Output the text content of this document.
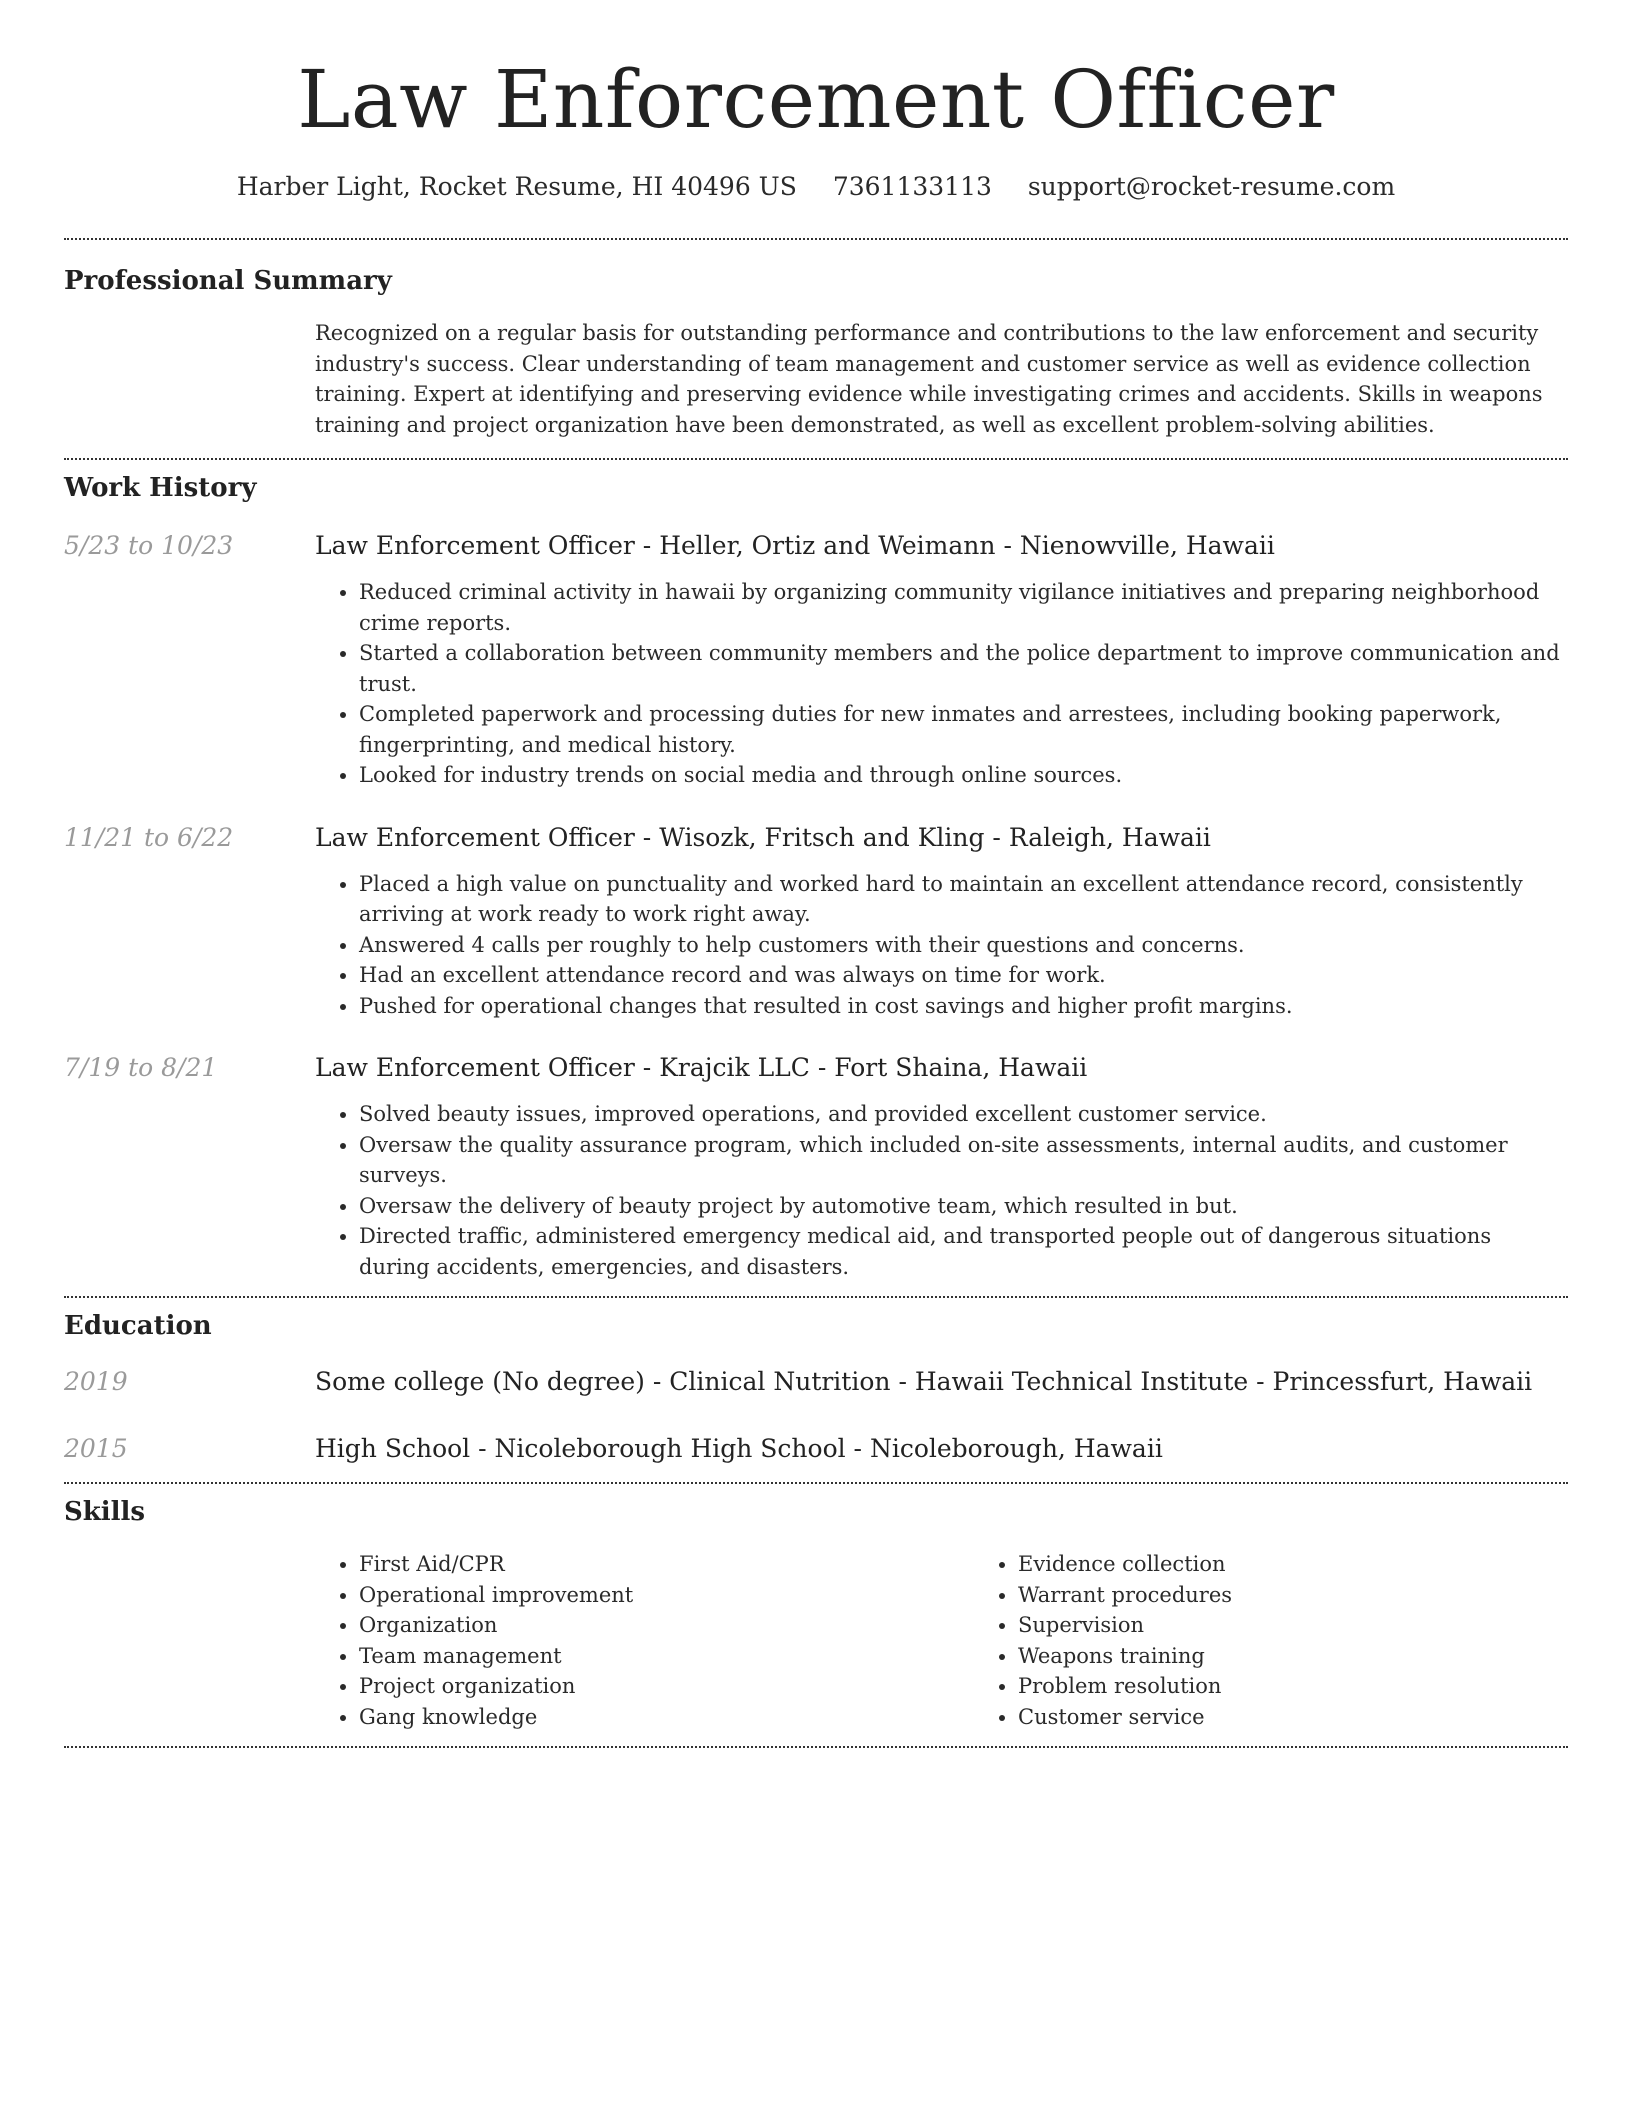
Law Enforcement Officer
Harber Light, Rocket Resume, HI 40496 US 7361133113 support@rocket-resume.com
Professional Summary

Recognized on a regular basis for outstanding performance and contributions to the law enforcement and security industry's success. Clear understanding of team management and customer service as well as evidence collection training. Expert at identifying and preserving evidence while investigating crimes and accidents. Skills in weapons training and project organization have been demonstrated, as well as excellent problem-solving abilities.

Work History
5/23 to 10/23	Law Enforcement Officer - Heller, Ortiz and Weimann - Nienowville, Hawaii
• Reduced criminal activity in hawaii by organizing community vigilance initiatives and preparing neighborhood crime reports.
• Started a collaboration between community members and the police department to improve communication and trust.
• Completed paperwork and processing duties for new inmates and arrestees, including booking paperwork, fingerprinting, and medical history.
• Looked for industry trends on social media and through online sources.
11/21 to 6/22	Law Enforcement Officer - Wisozk, Fritsch and Kling - Raleigh, Hawaii
• Placed a high value on punctuality and worked hard to maintain an excellent attendance record, consistently arriving at work ready to work right away.
• Answered 4 calls per roughly to help customers with their questions and concerns.
• Had an excellent attendance record and was always on time for work.
• Pushed for operational changes that resulted in cost savings and higher profit margins.
7/19 to 8/21	Law Enforcement Officer - Krajcik LLC - Fort Shaina, Hawaii
• Solved beauty issues, improved operations, and provided excellent customer service.
• Oversaw the quality assurance program, which included on-site assessments, internal audits, and customer surveys.
• Oversaw the delivery of beauty project by automotive team, which resulted in but.
• Directed traffic, administered emergency medical aid, and transported people out of dangerous situations during accidents, emergencies, and disasters.
Education
2019	Some college (No degree) - Clinical Nutrition - Hawaii Technical Institute - Princessfurt, Hawaii
2015	High School - Nicoleborough High School - Nicoleborough, Hawaii
Skills
• First Aid/CPR
• Operational improvement
• Organization
• Team management
• Project organization
• Gang knowledge
• Evidence collection
• Warrant procedures
• Supervision
• Weapons training
• Problem resolution
• Customer service
